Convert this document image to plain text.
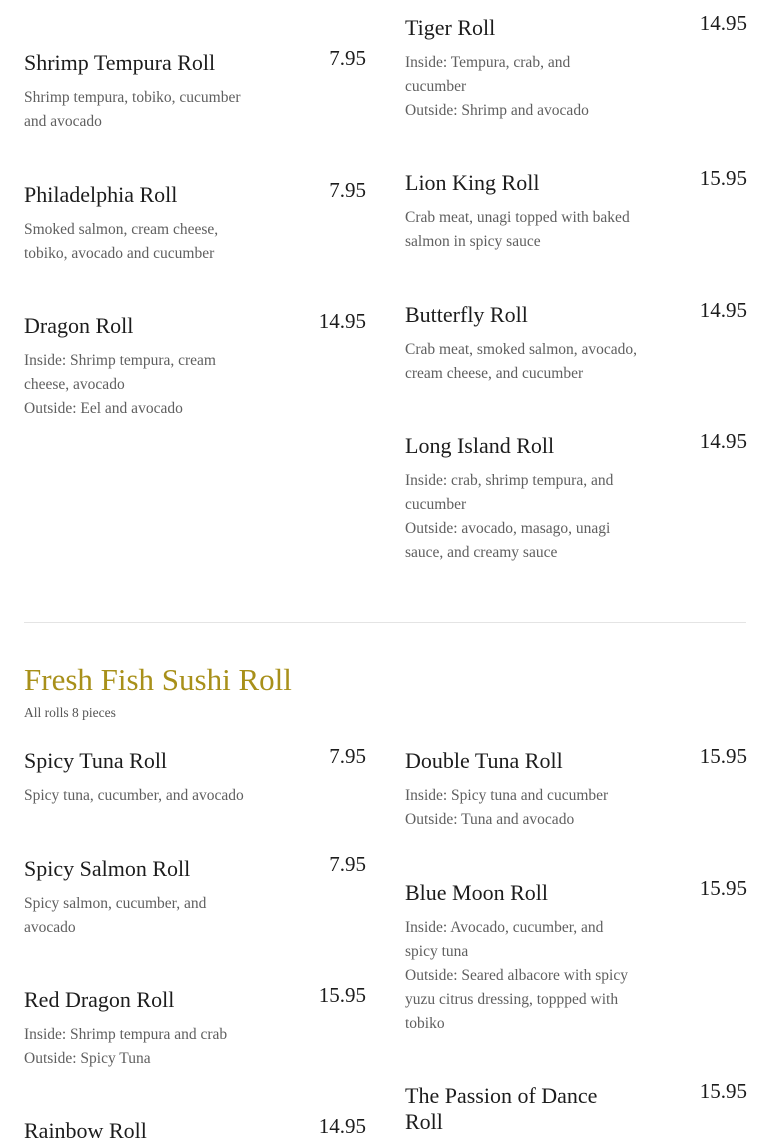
Shrimp Tempura Roll	7.95
Shrimp tempura, tobiko, cucumber
and avocado
Philadelphia Roll	7.95
Smoked salmon, cream cheese,
tobiko, avocado and cucumber
Dragon Roll	14.95
Inside: Shrimp tempura, cream
cheese, avocado
Outside: Eel and avocado
Tiger Roll	14.95
Inside: Tempura, crab, and
cucumber
Outside: Shrimp and avocado
Lion King Roll	15.95
Crab meat, unagi topped with baked
salmon in spicy sauce
Butterfly Roll	14.95
Crab meat, smoked salmon, avocado,
cream cheese, and cucumber
Long Island Roll	14.95
Inside: crab, shrimp tempura, and
cucumber
Outside: avocado, masago, unagi
sauce, and creamy sauce
Fresh Fish Sushi Roll
All rolls 8 pieces
Spicy Tuna Roll	7.95
Spicy tuna, cucumber, and avocado
Spicy Salmon Roll	7.95
Spicy salmon, cucumber, and
avocado
Red Dragon Roll	15.95
Inside: Shrimp tempura and crab
Outside: Spicy Tuna
Rainbow Roll	14.95
Double Tuna Roll	15.95
Inside: Spicy tuna and cucumber
Outside: Tuna and avocado
Blue Moon Roll	15.95
Inside: Avocado, cucumber, and
spicy tuna
Outside: Seared albacore with spicy
yuzu citrus dressing, toppped with
tobiko
The Passion of Dance Roll
15.95
